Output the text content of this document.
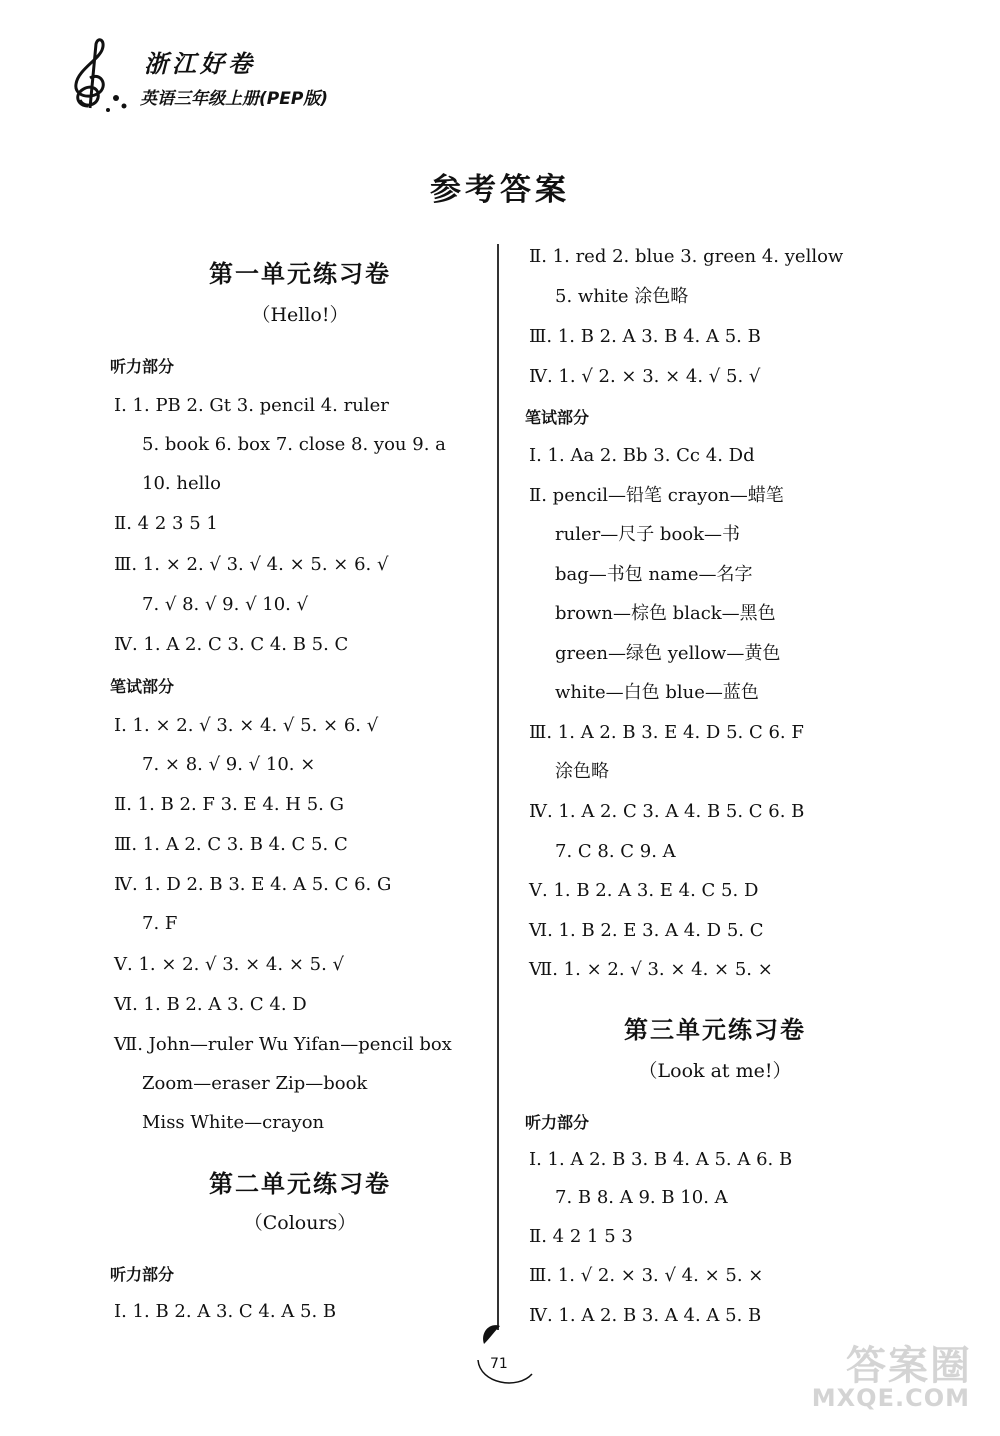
浙江好卷
英语三年级上册(PEP版)
参考答案
第一单元练习卷
（Hello!）
听力部分
Ⅰ. 1. PB 2. Gt 3. pencil 4. ruler
5. book 6. box 7. close 8. you 9. a
10. hello
Ⅱ. 4 2 3 5 1
Ⅲ. 1. × 2. √ 3. √ 4. × 5. × 6. √
7. √ 8. √ 9. √ 10. √
Ⅳ. 1. A 2. C 3. C 4. B 5. C
笔试部分
Ⅰ. 1. × 2. √ 3. × 4. √ 5. × 6. √
7. × 8. √ 9. √ 10. ×
Ⅱ. 1. B 2. F 3. E 4. H 5. G
Ⅲ. 1. A 2. C 3. B 4. C 5. C
Ⅳ. 1. D 2. B 3. E 4. A 5. C 6. G
7. F
Ⅴ. 1. × 2. √ 3. × 4. × 5. √
Ⅵ. 1. B 2. A 3. C 4. D
Ⅶ. John—ruler Wu Yifan—pencil box
Zoom—eraser Zip—book
Miss White—crayon
第二单元练习卷
（Colours）
听力部分
Ⅰ. 1. B 2. A 3. C 4. A 5. B
Ⅱ. 1. red 2. blue 3. green 4. yellow
5. white 涂色略
Ⅲ. 1. B 2. A 3. B 4. A 5. B
Ⅳ. 1. √ 2. × 3. × 4. √ 5. √
笔试部分
Ⅰ. 1. Aa 2. Bb 3. Cc 4. Dd
Ⅱ. pencil—铅笔 crayon—蜡笔
ruler—尺子 book—书
bag—书包 name—名字
brown—棕色 black—黑色
green—绿色 yellow—黄色
white—白色 blue—蓝色
Ⅲ. 1. A 2. B 3. E 4. D 5. C 6. F
涂色略
Ⅳ. 1. A 2. C 3. A 4. B 5. C 6. B
7. C 8. C 9. A
Ⅴ. 1. B 2. A 3. E 4. C 5. D
Ⅵ. 1. B 2. E 3. A 4. D 5. C
Ⅶ. 1. × 2. √ 3. × 4. × 5. ×
第三单元练习卷
（Look at me!）
听力部分
Ⅰ. 1. A 2. B 3. B 4. A 5. A 6. B
7. B 8. A 9. B 10. A
Ⅱ. 4 2 1 5 3
Ⅲ. 1. √ 2. × 3. √ 4. × 5. ×
Ⅳ. 1. A 2. B 3. A 4. A 5. B
71	答案圈
MXQE.COM
